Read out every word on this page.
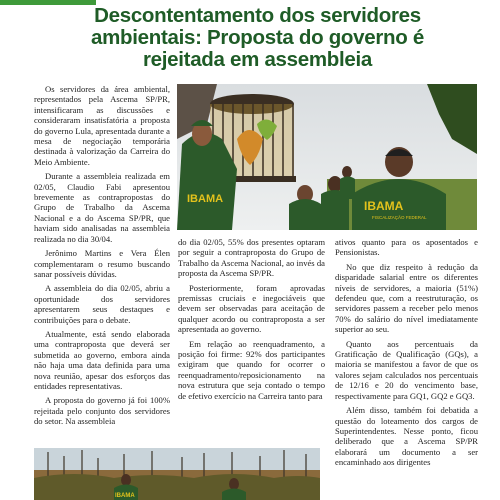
Descontentamento dos servidores
ambientais: Proposta do governo é
rejeitada em assembleia

Os servidores da área ambiental, representados pela Ascema SP/PR, intensificaram as discussões e consideraram insatisfatória a proposta do governo Lula, apresentada durante a mesa de negociação temporária destinada à valorização da Carreira do Meio Ambiente.

Durante a assembleia realizada em 02/05, Claudio Fabi apresentou brevemente as contrapropostas do Grupo de Trabalho da Ascema Nacional e a do Ascema SP/PR, que haviam sido analisadas na assembleia realizada no dia 30/04.

Jerônimo Martins e Vera Élen complementaram o resumo buscando sanar possíveis dúvidas.

A assembleia do dia 02/05, abriu a oportunidade dos servidores apresentarem seus destaques e contribuições para o debate.

Atualmente, está sendo elaborada uma contraproposta que deverá ser submetida ao governo, embora ainda não haja uma data definida para uma nova reunião, apesar dos esforços das entidades representativas.

A proposta do governo já foi 100% rejeitada pelo conjunto dos servidores do setor. Na assembleia

do dia 02/05, 55% dos presentes optaram por seguir a contraproposta do Grupo de Trabalho da Ascema Nacional, ao invés da proposta da Ascema SP/PR.

Posteriormente, foram aprovadas premissas cruciais e inegociáveis que devem ser observadas para aceitação de qualquer acordo ou contraproposta a ser apresentada ao governo.

Em relação ao reenquadramento, a posição foi firme: 92% dos participantes exigiram que quando for ocorrer o reenquadramento/reposicionamento na nova estrutura que seja contado o tempo de efetivo exercício na Carreira tanto para

ativos quanto para os aposentados e Pensionistas.

No que diz respeito à redução da disparidade salarial entre os diferentes níveis de servidores, a maioria (51%) defendeu que, com a reestruturação, os servidores passem a receber pelo menos 70% do salário do nível imediatamente superior ao seu.

Quanto aos percentuais da Gratificação de Qualificação (GQs), a maioria se manifestou a favor de que os valores sejam calculados nos percentuais de 12/16 e 20 do vencimento base, respectivamente para GQ1, GQ2 e GQ3.

Além disso, também foi debatida a questão do loteamento dos cargos de Superintendentes. Nesse ponto, ficou deliberado que a Ascema SP/PR elaborará um documento a ser encaminhado aos dirigentes

IBAMA	IBAMA
FISCALIZAÇÃO FEDERAL
IBAMA
